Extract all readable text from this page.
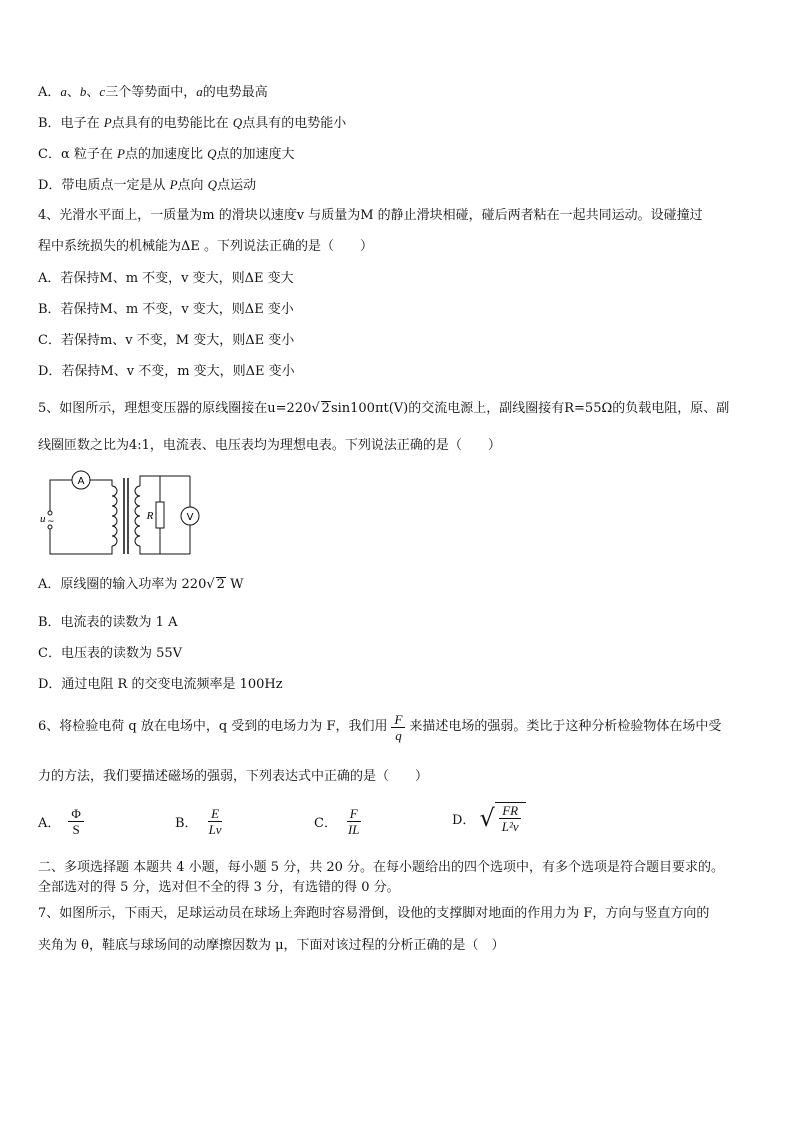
A．a、b、c三个等势面中，a的电势最高
B．电子在 P点具有的电势能比在 Q点具有的电势能小
C．α 粒子在 P点的加速度比 Q点的加速度大
D．带电质点一定是从 P点向 Q点运动
4、光滑水平面上，一质量为m 的滑块以速度v 与质量为M 的静止滑块相碰，碰后两者粘在一起共同运动。设碰撞过
程中系统损失的机械能为ΔE 。下列说法正确的是（　　）
A．若保持M、m 不变，v 变大，则ΔE 变大
B．若保持M、m 不变，v 变大，则ΔE 变小
C．若保持m、v 不变，M 变大，则ΔE 变小
D．若保持M、v 不变，m 变大，则ΔE 变小
5、如图所示，理想变压器的原线圈接在u=220√ 2sin100πt(V)的交流电源上，副线圈接有R=55Ω的负载电阻，原、副
线圈匝数之比为4:1，电流表、电压表均为理想电表。下列说法正确的是（　　）
A
V
R
u ~
A．原线圈的输入功率为 220√ 2 W
B．电流表的读数为 1 A
C．电压表的读数为 55V
D．通过电阻 R 的交变电流频率是 100Hz
6、将检验电荷 q 放在电场中，q 受到的电场力为 F，我们用 $\frac{F}{q}$ 来描述电场的强弱。类比于这种分析检验物体在场中受
力的方法，我们要描述磁场的强弱，下列表达式中正确的是（　　）
A． $\frac{\Phi}{S}$	B． $\frac{E}{Lv}$	C． $\frac{F}{IL}$	D． √ $\frac{FR}{\text{L²v}}$
二、多项选择题 本题共 4 小题，每小题 5 分，共 20 分。在每小题给出的四个选项中，有多个选项是符合题目要求的。
全部选对的得 5 分，选对但不全的得 3 分，有选错的得 0 分。
7、如图所示，下雨天，足球运动员在球场上奔跑时容易滑倒，设他的支撑脚对地面的作用力为 F，方向与竖直方向的
夹角为 θ，鞋底与球场间的动摩擦因数为 μ，下面对该过程的分析正确的是（　）
